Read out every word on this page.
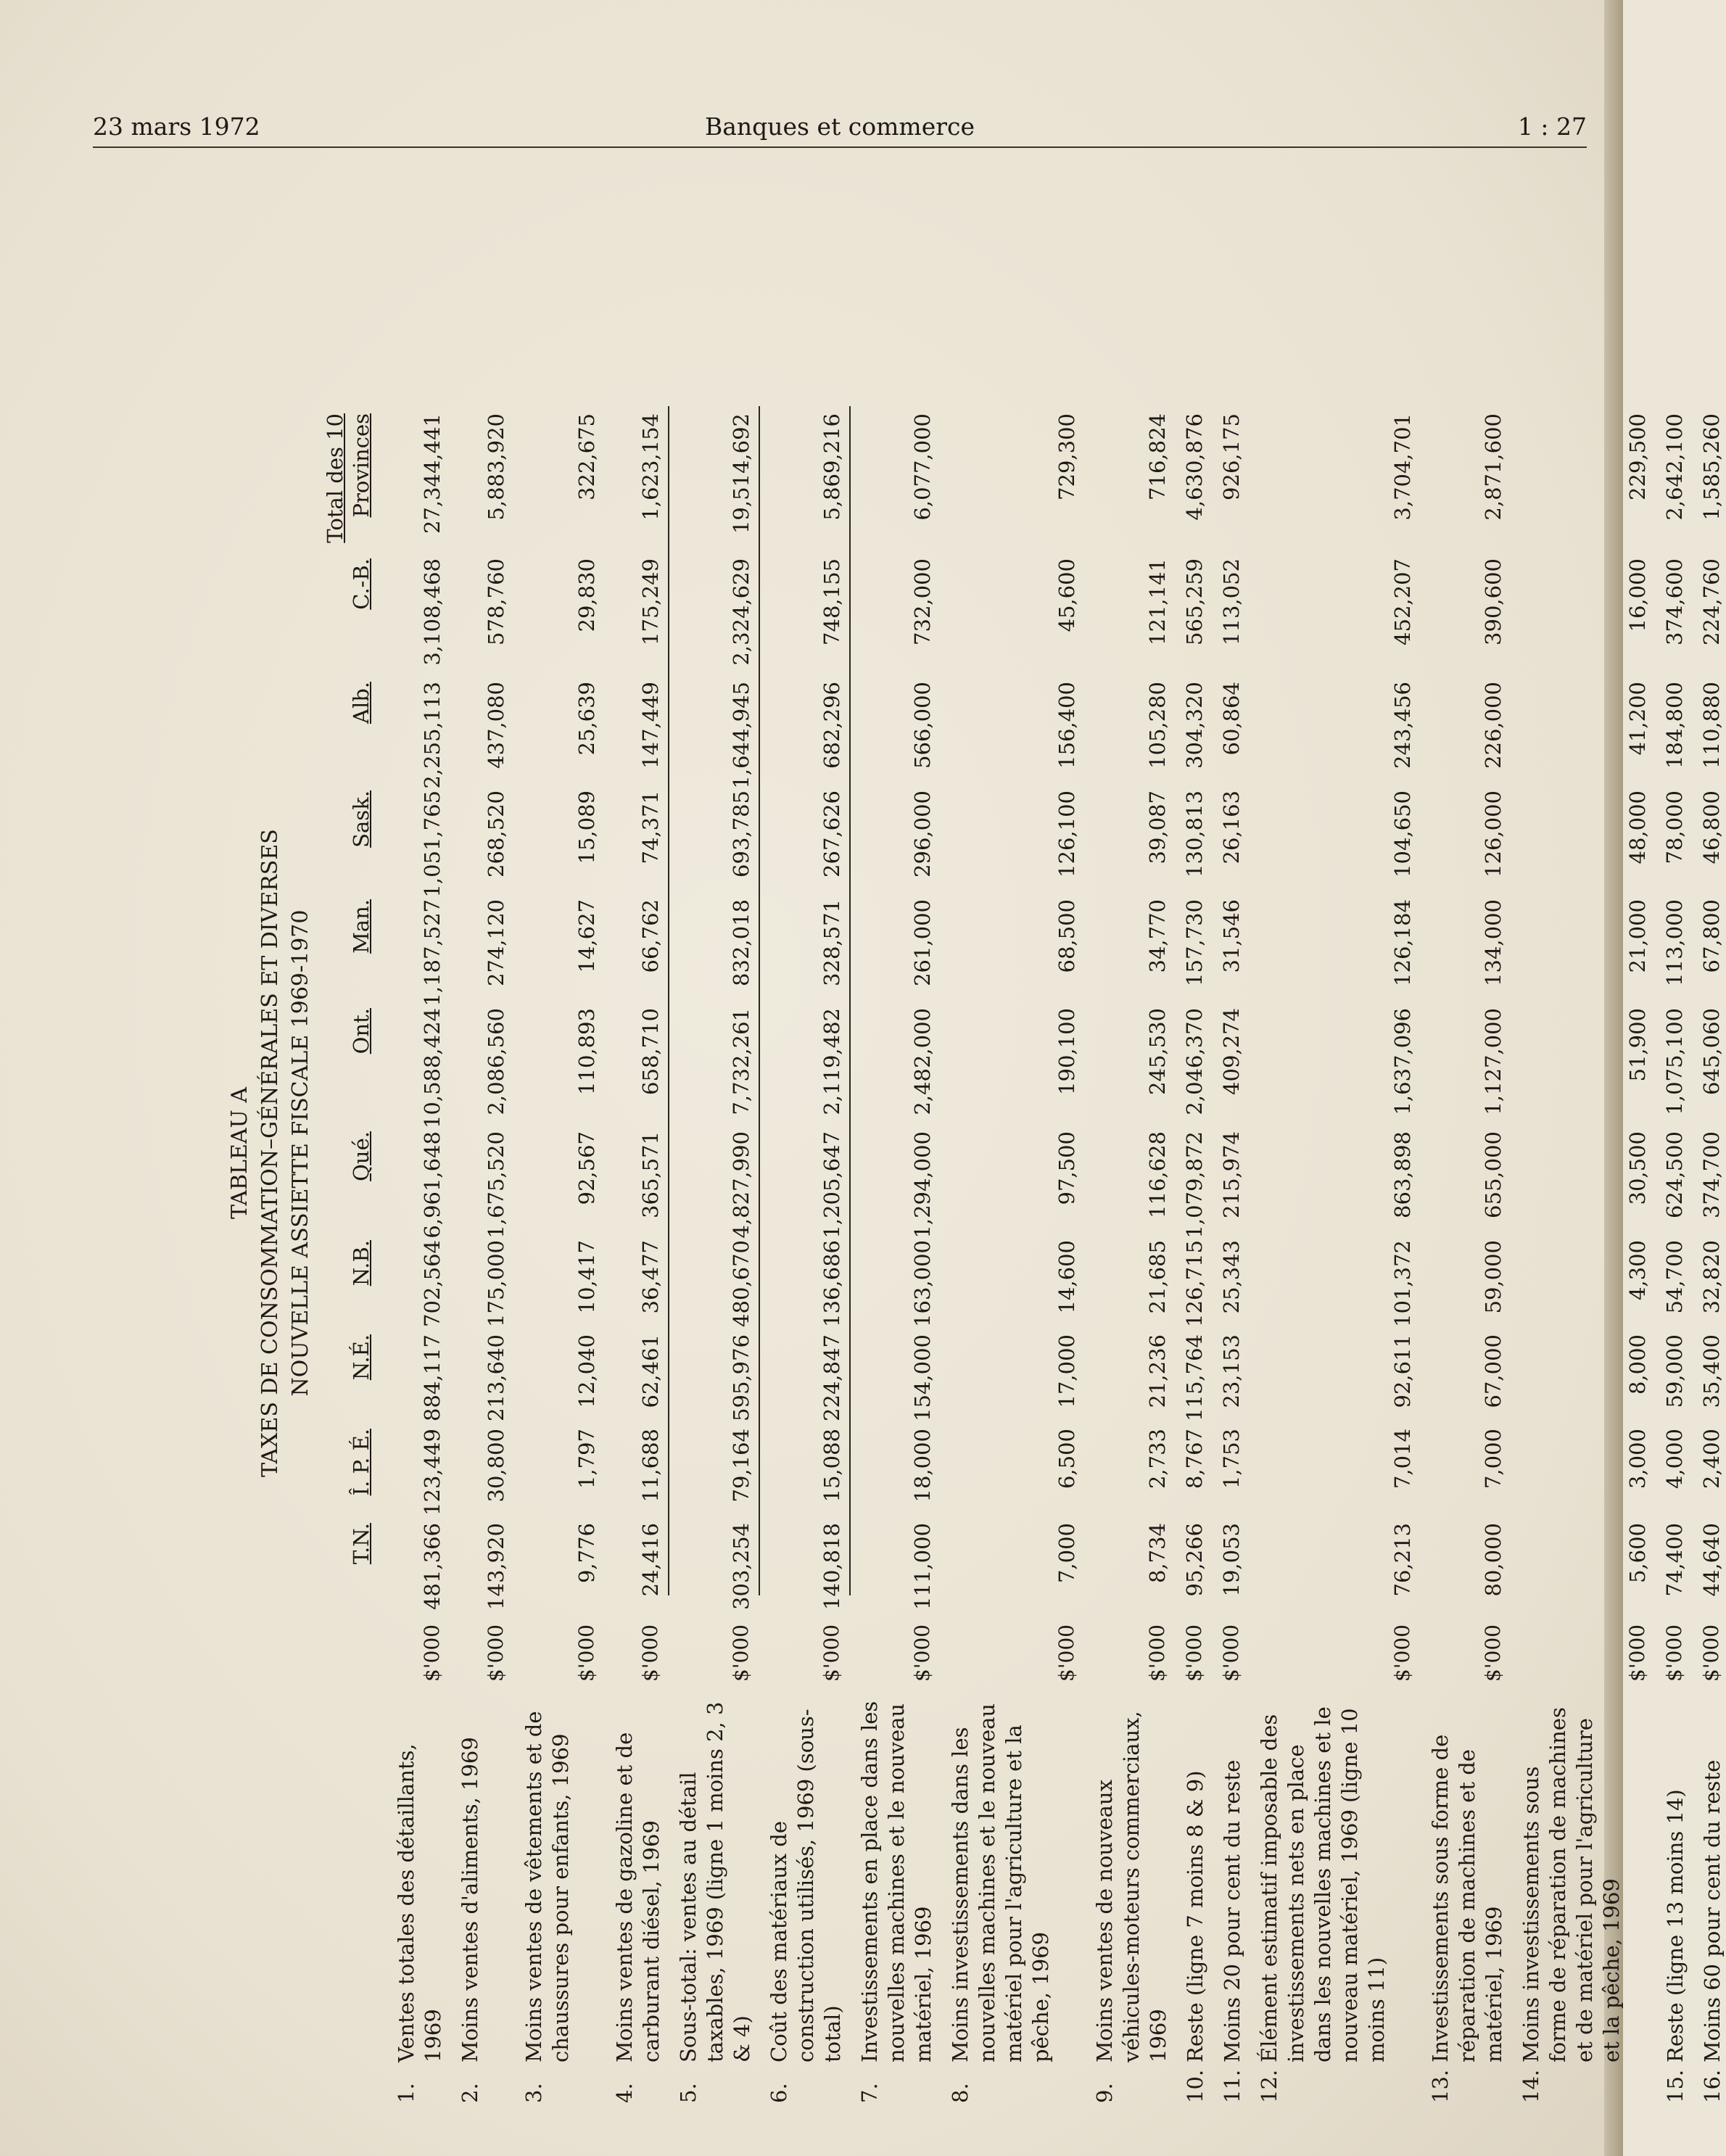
23 mars 1972	Banques et commerce	1 : 27
TABLEAU A TAXES DE CONSOMMATION–GÉNÉRALES ET DIVERSES NOUVELLE ASSIETTE FISCALE 1969-1970
T.N.
Î. P. É.
N.É.
N.B.
Qué.
Ont.
Man.
Sask.
Alb.
C.-B.
Total des 10 Provinces
1.Ventes totales des détaillants, 1969
$'000
481,366
123,449
884,117
702,564
6,961,648
10,588,424
1,187,527
1,051,765
2,255,113
3,108,468
27,344,441
2.Moins ventes d'aliments, 1969
$'000
143,920
30,800
213,640
175,000
1,675,520
2,086,560
274,120
268,520
437,080
578,760
5,883,920
3.Moins ventes de vêtements et de chaussures pour enfants, 1969
$'000
9,776
1,797
12,040
10,417
92,567
110,893
14,627
15,089
25,639
29,830
322,675
4.Moins ventes de gazoline et de carburant diésel, 1969
$'000
24,416
11,688
62,461
36,477
365,571
658,710
66,762
74,371
147,449
175,249
1,623,154
5.Sous-total: ventes au détail taxables, 1969 (ligne 1 moins 2, 3 & 4)
$'000
303,254
79,164
595,976
480,670
4,827,990
7,732,261
832,018
693,785
1,644,945
2,324,629
19,514,692
6.Coût des matériaux de construction utilisés, 1969 (sous-total)
$'000
140,818
15,088
224,847
136,686
1,205,647
2,119,482
328,571
267,626
682,296
748,155
5,869,216
7.Investissements en place dans les nouvelles machines et le nouveau matériel, 1969
$'000
111,000
18,000
154,000
163,000
1,294,000
2,482,000
261,000
296,000
566,000
732,000
6,077,000
8.Moins investissements dans les nouvelles machines et le nouveau matériel pour l'agriculture et la pêche, 1969
$'000
7,000
6,500
17,000
14,600
97,500
190,100
68,500
126,100
156,400
45,600
729,300
9.Moins ventes de nouveaux véhicules-moteurs commerciaux, 1969
$'000
8,734
2,733
21,236
21,685
116,628
245,530
34,770
39,087
105,280
121,141
716,824
10.Reste (ligne 7 moins 8 & 9)
$'000
95,266
8,767
115,764
126,715
1,079,872
2,046,370
157,730
130,813
304,320
565,259
4,630,876
11.Moins 20 pour cent du reste
$'000
19,053
1,753
23,153
25,343
215,974
409,274
31,546
26,163
60,864
113,052
926,175
12.Élément estimatif imposable des investissements nets en place dans les nouvelles machines et le nouveau matériel, 1969 (ligne 10 moins 11)
$'000
76,213
7,014
92,611
101,372
863,898
1,637,096
126,184
104,650
243,456
452,207
3,704,701
13.Investissements sous forme de réparation de machines et de matériel, 1969
$'000
80,000
7,000
67,000
59,000
655,000
1,127,000
134,000
126,000
226,000
390,600
2,871,600
14.Moins investissements sous forme de réparation de machines et de matériel pour l'agriculture et la pêche, 1969
$'000
5,600
3,000
8,000
4,300
30,500
51,900
21,000
48,000
41,200
16,000
229,500
15.Reste (ligne 13 moins 14)
$'000
74,400
4,000
59,000
54,700
624,500
1,075,100
113,000
78,000
184,800
374,600
2,642,100
16.Moins 60 pour cent du reste
$'000
44,640
2,400
35,400
32,820
374,700
645,060
67,800
46,800
110,880
224,760
1,585,260
